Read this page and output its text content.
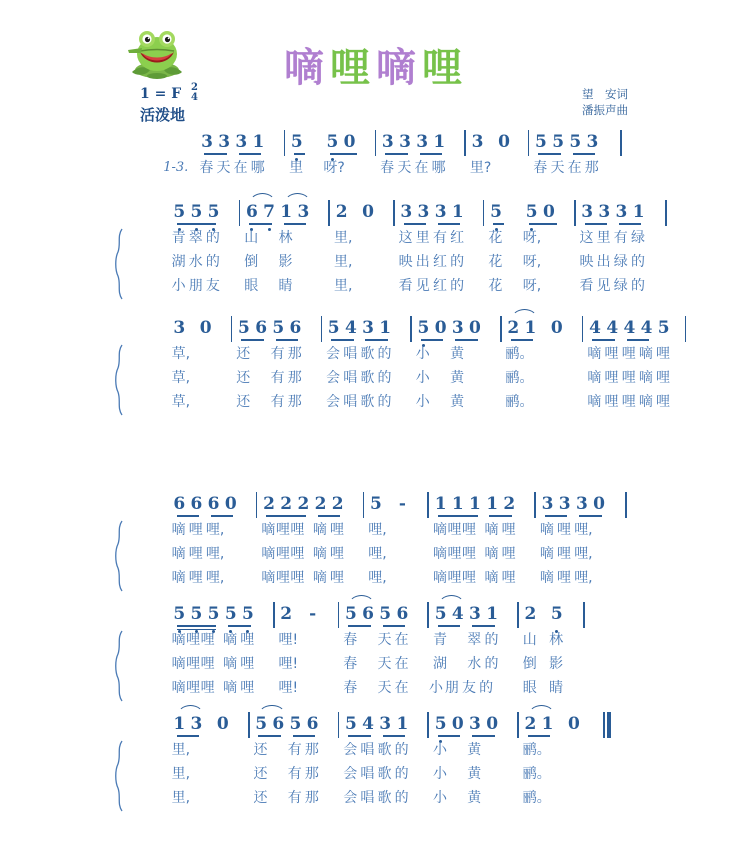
嘀哩嘀哩
1 = F 2
4
活泼地
望　安词
潘振声曲
3 3 3 1 5 5 0 3 3 3 1 3 0 5 5 5 3
1-3. 春 天 在 哪 里 呀?	春 天 在 哪 里?	春 天 在 那
5 5 5 6 7 1 3 2 0 3 3 3 1 5 5 0 3 3 3 1
青 翠 的 山 林	里,	这 里 有 红 花 呀,	这 里 有 绿
湖 水 的 倒 影	里,	映 出 红 的 花 呀,	映 出 绿 的
小 朋 友 眼 睛	里,	看 见 红 的 花 呀,	看 见 绿 的
3 0 5 6 5 6 5 4 3 1 5 0 3 0 2 1 0 4 4 4 4 5
草,	还 有 那 会 唱 歌 的 小 黄	鹂。	嘀 哩 哩 嘀 哩
草,	还 有 那 会 唱 歌 的 小 黄	鹂。	嘀 哩 哩 嘀 哩
草,	还 有 那 会 唱 歌 的 小 黄	鹂。	嘀 哩 哩 嘀 哩
6 6 6 0 2 2 2 2 2 5 - 1 1 1 1 2 3 3 3 0
嘀 哩 哩,	嘀 哩 哩 嘀 哩 哩,	嘀 哩 哩 嘀 哩 嘀 哩 哩,
嘀 哩 哩,	嘀 哩 哩 嘀 哩 哩,	嘀 哩 哩 嘀 哩 嘀 哩 哩,
嘀 哩 哩,	嘀 哩 哩 嘀 哩 哩,	嘀 哩 哩 嘀 哩 嘀 哩 哩,
5 5 5 5 5 2 - 5 6 5 6 5 4 3 1 2 5
嘀 哩 哩 嘀 哩 哩!	春 天 在 青 翠 的 山 林
嘀 哩 哩 嘀 哩 哩!	春 天 在 湖 水 的 倒 影
嘀 哩 哩 嘀 哩 哩!	春 天 在 小 朋 友 的 眼 睛
1 3 0 5 6 5 6 5 4 3 1 5 0 3 0 2 1 0
里,	还 有 那 会 唱 歌 的 小 黄	鹂。
里,	还 有 那 会 唱 歌 的 小 黄	鹂。
里,	还 有 那 会 唱 歌 的 小 黄	鹂。
